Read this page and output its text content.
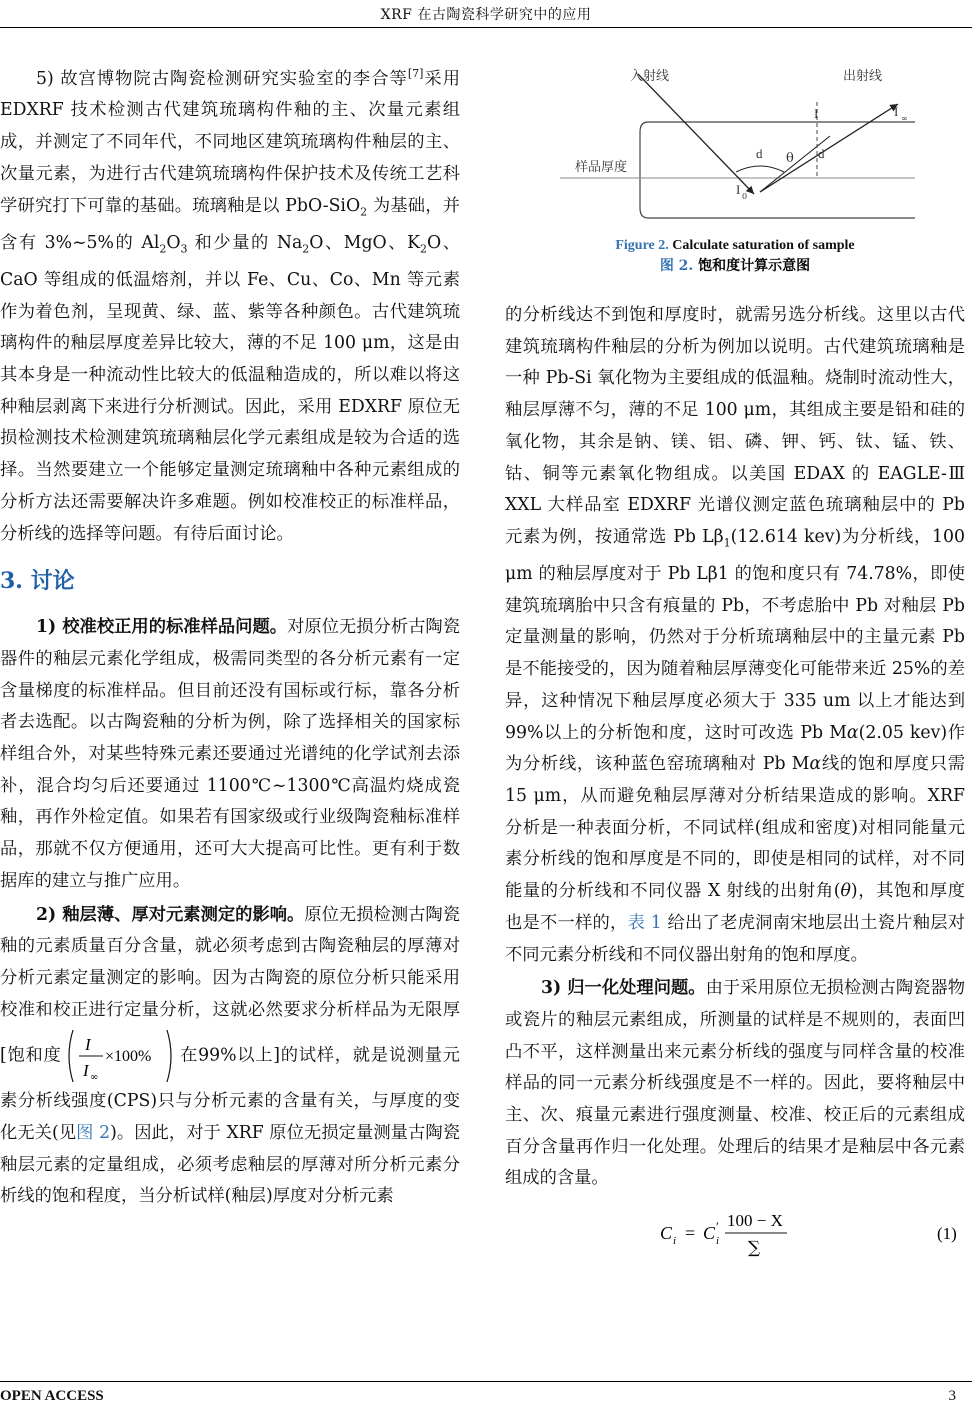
XRF 在古陶瓷科学研究中的应用

5) 故宫博物院古陶瓷检测研究实验室的李合等[7]采用 EDXRF 技术检测古代建筑琉璃构件釉的主、次量元素组成，并测定了不同年代，不同地区建筑琉璃构件釉层的主、次量元素，为进行古代建筑琉璃构件保护技术及传统工艺科学研究打下可靠的基础。琉璃釉是以 PbO-SiO$_2$ 为基础，并含有 3%~5%的 $Al_2O_3$ 和少量的 $Na_2O$、MgO、$K_2O$、CaO 等组成的低温熔剂，并以 Fe、Cu、Co、Mn 等元素作为着色剂，呈现黄、绿、蓝、紫等各种颜色。古代建筑琉璃构件的釉层厚度差异比较大，薄的不足 100 μm，这是由其本身是一种流动性比较大的低温釉造成的，所以难以将这种釉层剥离下来进行分析测试。因此，采用 EDXRF 原位无损检测技术检测建筑琉璃釉层化学元素组成是较为合适的选择。当然要建立一个能够定量测定琉璃釉中各种元素组成的分析方法还需要解决许多难题。例如校准校正的标准样品，分析线的选择等问题。有待后面讨论。

3. 讨论

1) 校准校正用的标准样品问题。对原位无损分析古陶瓷器件的釉层元素化学组成，极需同类型的各分析元素有一定含量梯度的标准样品。但目前还没有国标或行标，靠各分析者去选配。以古陶瓷釉的分析为例，除了选择相关的国家标样组合外，对某些特殊元素还要通过光谱纯的化学试剂去添补，混合均匀后还要通过 1100℃~1300℃高温灼烧成瓷釉，再作外检定值。如果若有国家级或行业级陶瓷釉标准样品，那就不仅方便通用，还可大大提高可比性。更有利于数据库的建立与推广应用。

2) 釉层薄、厚对元素测定的影响。原位无损检测古陶瓷釉的元素质量百分含量，就必须考虑到古陶瓷釉层的厚薄对分析元素定量测定的影响。因为古陶瓷的原位分析只能采用校准和校正进行定量分析，这就必然要求分析样品为无限厚[饱和度
I
I ∞
×100% 在99%以上]的试样，就是说测量元素分析线强度(CPS)只与分析元素的含量有关，与厚度的变化无关(见图 2)。因此，对于 XRF 原位无损定量测量古陶瓷釉层元素的定量组成，必须考虑釉层的厚薄对所分析元素分析线的饱和程度，当分析试样(釉层)厚度对分析元素

入射线	出射线
样品厚度
I	I ∞
I 0
θ
d	d
Figure 2. Calculate saturation of sample
图 2. 饱和度计算示意图

的分析线达不到饱和厚度时，就需另选分析线。这里以古代建筑琉璃构件釉层的分析为例加以说明。古代建筑琉璃釉是一种 Pb-Si 氧化物为主要组成的低温釉。烧制时流动性大，釉层厚薄不匀，薄的不足 100 μm，其组成主要是铅和硅的氧化物，其余是钠、镁、铝、磷、钾、钙、钛、锰、铁、钴、铜等元素氧化物组成。以美国 EDAX 的 EAGLE-Ⅲ XXL 大样品室 EDXRF 光谱仪测定蓝色琉璃釉层中的 Pb 元素为例，按通常选 Pb $L\beta_1(12.614$ kev)为分析线，100 μm 的釉层厚度对于 Pb Lβ1 的饱和度只有 74.78%，即使建筑琉璃胎中只含有痕量的 Pb，不考虑胎中 Pb 对釉层 Pb 定量测量的影响，仍然对于分析琉璃釉层中的主量元素 Pb 是不能接受的，因为随着釉层厚薄变化可能带来近 25%的差异，这种情况下釉层厚度必须大于 335 um 以上才能达到 99%以上的分析饱和度，这时可改选 Pb Mα(2.05 kev)作为分析线，该种蓝色窑琉璃釉对 Pb Mα线的饱和厚度只需 15 μm，从而避免釉层厚薄对分析结果造成的影响。XRF 分析是一种表面分析，不同试样(组成和密度)对相同能量元素分析线的饱和厚度是不同的，即使是相同的试样，对不同能量的分析线和不同仪器 X 射线的出射角(θ)，其饱和厚度也是不一样的，表 1 给出了老虎洞南宋地层出土瓷片釉层对不同元素分析线和不同仪器出射角的饱和厚度。

3) 归一化处理问题。由于采用原位无损检测古陶瓷器物或瓷片的釉层元素组成，所测量的试样是不规则的，表面凹凸不平，这样测量出来元素分析线的强度与同样含量的校准样品的同一元素分析线强度是不一样的。因此，要将釉层中主、次、痕量元素进行强度测量、校准、校正后的元素组成百分含量再作归一化处理。处理后的结果才是釉层中各元素组成的含量。

C i = C ′
i
100 − X
∑
(1)
OPEN ACCESS	3
